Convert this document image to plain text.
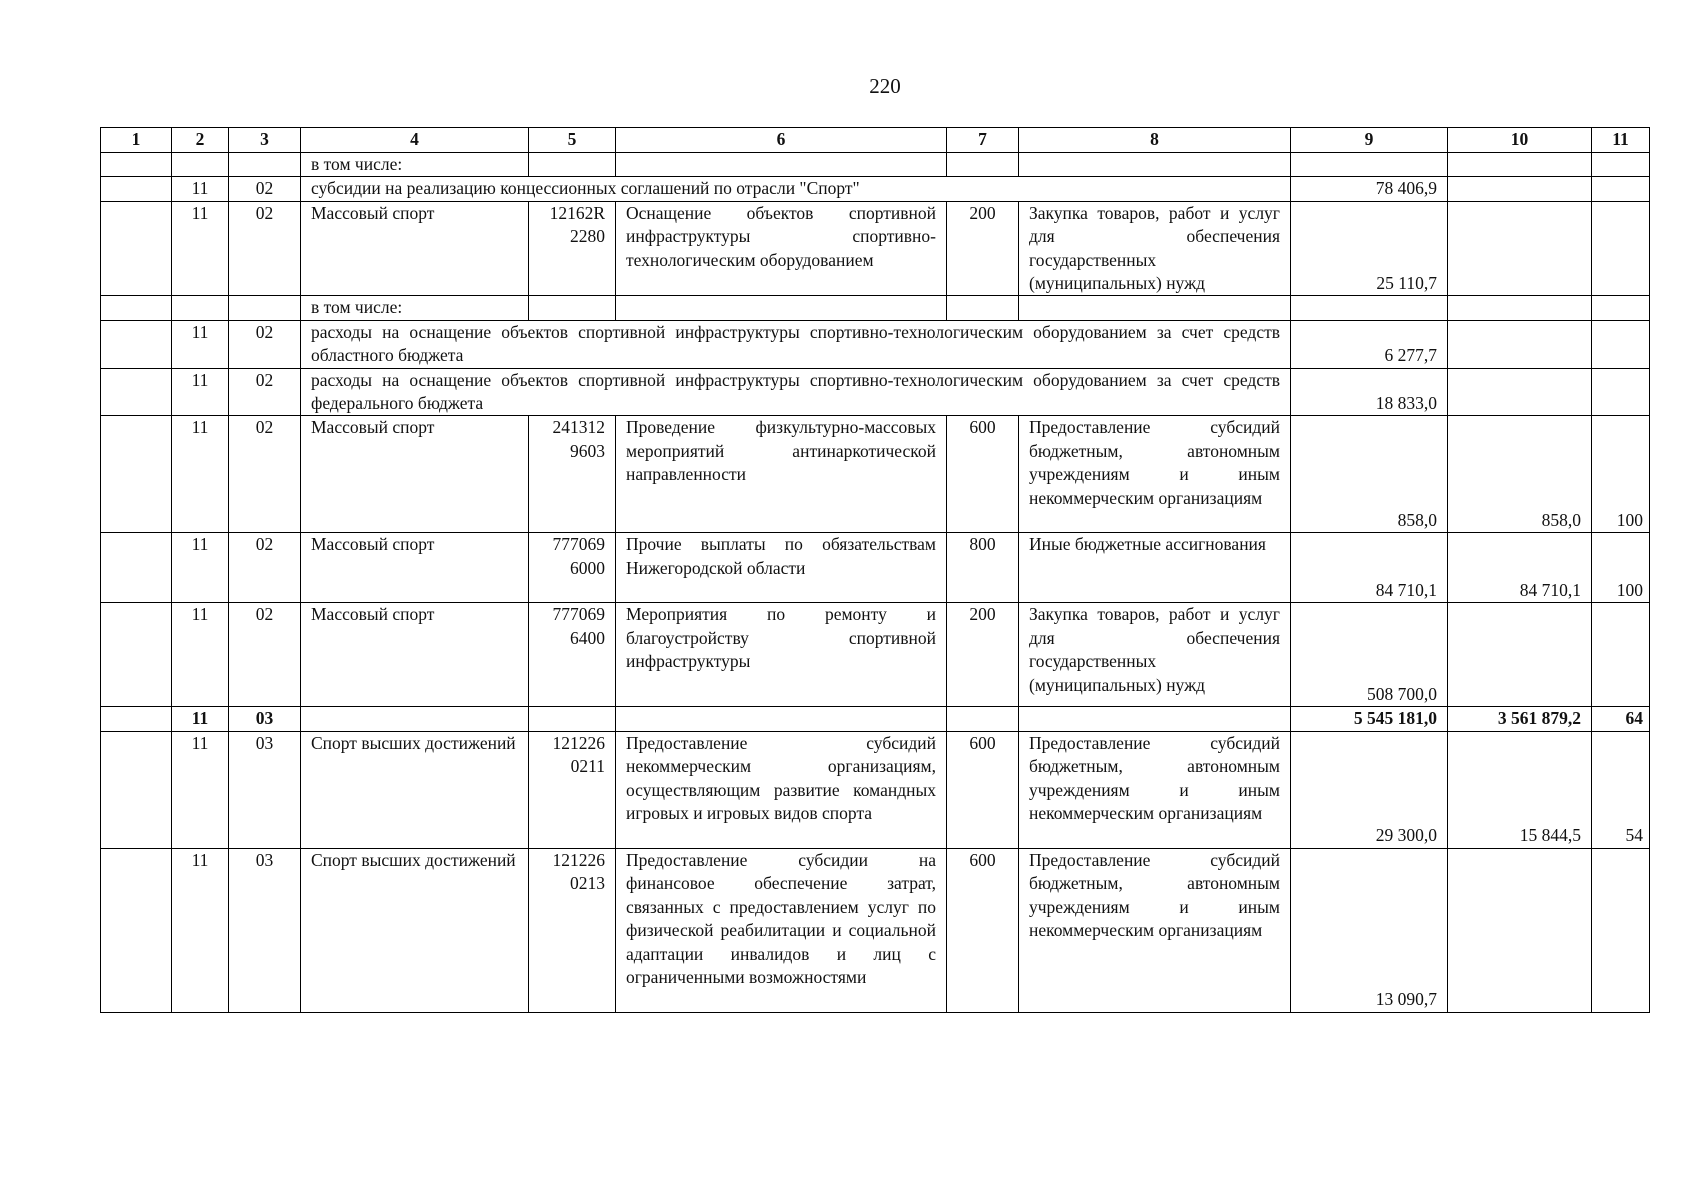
220
1	2	3	4	5	6	7	8	9	10	11
			в том числе:							
	11	02	субсидии на реализацию концессионных соглашений по отрасли "Спорт"					78 406,9		
	11	02	Массовый спорт	12162R 2280	Оснащение объектов спортивной инфраструктуры спортивно-технологическим оборудованием	200	Закупка товаров, работ и услуг для обеспечения государственных (муниципальных) нужд	25 110,7		
			в том числе:							
	11	02	расходы на оснащение объектов спортивной инфраструктуры спортивно-технологическим оборудованием за счет средств областного бюджета					6 277,7		
	11	02	расходы на оснащение объектов спортивной инфраструктуры спортивно-технологическим оборудованием за счет средств федерального бюджета					18 833,0		
	11	02	Массовый спорт	241312 9603	Проведение физкультурно-массовых мероприятий антинаркотической направленности	600	Предоставление субсидий бюджетным, автономным учреждениям и иным некоммерческим организациям	858,0	858,0	100
	11	02	Массовый спорт	777069 6000	Прочие выплаты по обязательствам Нижегородской области	800	Иные бюджетные ассигнования	84 710,1	84 710,1	100
	11	02	Массовый спорт	777069 6400	Мероприятия по ремонту и благоустройству спортивной инфраструктуры	200	Закупка товаров, работ и услуг для обеспечения государственных (муниципальных) нужд	508 700,0		
	11	03						5 545 181,0	3 561 879,2	64
	11	03	Спорт высших достижений	121226 0211	Предоставление субсидий некоммерческим организациям, осуществляющим развитие командных игровых и игровых видов спорта	600	Предоставление субсидий бюджетным, автономным учреждениям и иным некоммерческим организациям	29 300,0	15 844,5	54
	11	03	Спорт высших достижений	121226 0213	Предоставление субсидии на финансовое обеспечение затрат, связанных с предоставлением услуг по физической реабилитации и социальной адаптации инвалидов и лиц с ограниченными возможностями	600	Предоставление субсидий бюджетным, автономным учреждениям и иным некоммерческим организациям	13 090,7		
